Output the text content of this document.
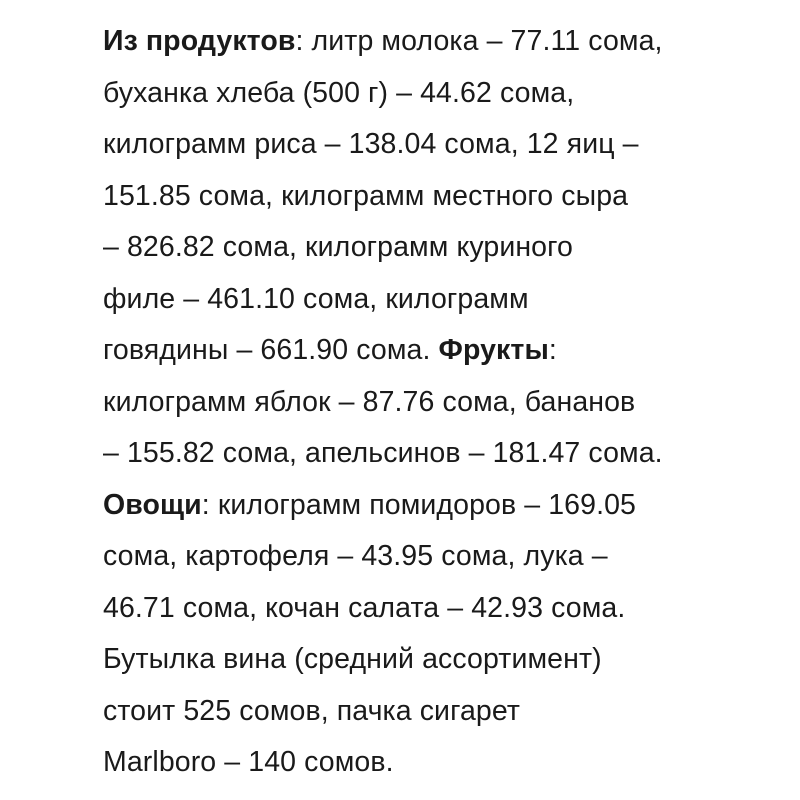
Из продуктов: литр молока – 77.11 сома,
буханка хлеба (500 г) – 44.62 сома,
килограмм риса – 138.04 сома, 12 яиц –
151.85 сома, килограмм местного сыра
– 826.82 сома, килограмм куриного
филе – 461.10 сома, килограмм
говядины – 661.90 сома. Фрукты:
килограмм яблок – 87.76 сома, бананов
– 155.82 сома, апельсинов – 181.47 сома.
Овощи: килограмм помидоров – 169.05
сома, картофеля – 43.95 сома, лука –
46.71 сома, кочан салата – 42.93 сома.
Бутылка вина (средний ассортимент)
стоит 525 сомов, пачка сигарет
Marlboro – 140 сомов.
